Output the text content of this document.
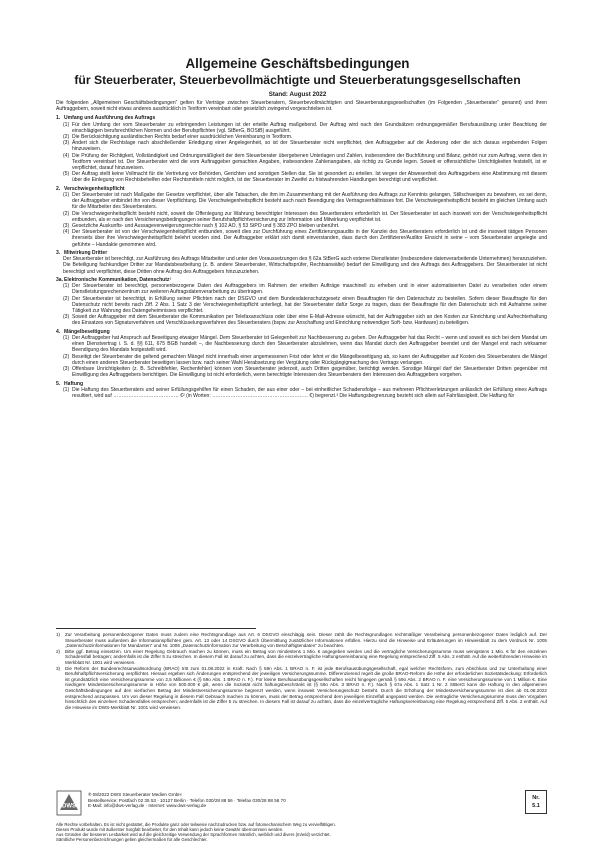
Allgemeine Geschäftsbedingungen
für Steuerberater, Steuerbevollmächtigte und Steuerberatungsgesellschaften
Stand: August 2022
Die folgenden „Allgemeinen Geschäftsbedingungen“ gelten für Verträge zwischen Steuerberatern, Steuerbevollmächtigten und Steuerberatungsgesellschaften (im Folgenden „Steuerberater“ genannt) und ihren Auftraggebern, soweit nicht etwas anderes ausdrücklich in Textform vereinbart oder gesetzlich zwingend vorgeschrieben ist.
1. Umfang und Ausführung des Auftrags
(1) Für den Umfang der vom Steuerberater zu erbringenden Leistungen ist der erteilte Auftrag maßgebend. Der Auftrag wird nach den Grundsätzen ordnungsgemäßer Berufsausübung unter Beachtung der einschlägigen berufsrechtlichen Normen und der Berufspflichten (vgl. StBerG, BOStB) ausgeführt.
(2) Die Berücksichtigung ausländischen Rechts bedarf einer ausdrücklichen Vereinbarung in Textform.
(3) Ändert sich die Rechtslage nach abschließender Erledigung einer Angelegenheit, so ist der Steuerberater nicht verpflichtet, den Auftraggeber auf die Änderung oder die sich daraus ergebenden Folgen hinzuweisen.
(4) Die Prüfung der Richtigkeit, Vollständigkeit und Ordnungsmäßigkeit der dem Steuerberater übergebenen Unterlagen und Zahlen, insbesondere der Buchführung und Bilanz, gehört nur zum Auftrag, wenn dies in Textform vereinbart ist. Der Steuerberater wird die vom Auftraggeber gemachten Angaben, insbesondere Zahlenangaben, als richtig zu Grunde legen. Soweit er offensichtliche Unrichtigkeiten feststellt, ist er verpflichtet, darauf hinzuweisen.
(5) Der Auftrag stellt keine Vollmacht für die Vertretung vor Behörden, Gerichten und sonstigen Stellen dar. Sie ist gesondert zu erteilen. Ist wegen der Abwesenheit des Auftraggebers eine Abstimmung mit diesem über die Einlegung von Rechtsbehelfen oder Rechtsmitteln nicht möglich, ist der Steuerberater im Zweifel zu fristwahrenden Handlungen berechtigt und verpflichtet.
2. Verschwiegenheitspflicht
(1) Der Steuerberater ist nach Maßgabe der Gesetze verpflichtet, über alle Tatsachen, die ihm im Zusammenhang mit der Ausführung des Auftrags zur Kenntnis gelangen, Stillschweigen zu bewahren, es sei denn, der Auftraggeber entbindet ihn von dieser Verpflichtung. Die Verschwiegenheitspflicht besteht auch nach Beendigung des Vertragsverhältnisses fort. Die Verschwiegenheitspflicht besteht im gleichen Umfang auch für die Mitarbeiter des Steuerberaters.
(2) Die Verschwiegenheitspflicht besteht nicht, soweit die Offenlegung zur Wahrung berechtigter Interessen des Steuerberaters erforderlich ist. Der Steuerberater ist auch insoweit von der Verschwiegenheitspflicht entbunden, als er nach den Versicherungsbedingungen seiner Berufshaftpflichtversicherung zur Information und Mitwirkung verpflichtet ist.
(3) Gesetzliche Auskunfts- und Aussageverweigerungsrechte nach § 102 AO, § 53 StPO und § 383 ZPO bleiben unberührt.
(4) Der Steuerberater ist von der Verschwiegenheitspflicht entbunden, soweit dies zur Durchführung eines Zertifizierungsaudits in der Kanzlei des Steuerberaters erforderlich ist und die insoweit tätigen Personen ihrerseits über ihre Verschwiegenheitspflicht belehrt worden sind. Der Auftraggeber erklärt sich damit einverstanden, dass durch den Zertifizierer/Auditor Einsicht in seine – vom Steuerberater angelegte und geführte – Handakte genommen wird.
3. Mitwirkung Dritter
Der Steuerberater ist berechtigt, zur Ausführung des Auftrags Mitarbeiter und unter den Voraussetzungen des § 62a StBerG auch externe Dienstleister (insbesondere datenverarbeitende Unternehmen) heranzuziehen. Die Beteiligung fachkundiger Dritter zur Mandatsbearbeitung (z. B. andere Steuerberater, Wirtschaftsprüfer, Rechtsanwälte) bedarf der Einwilligung und des Auftrags des Auftraggebers. Der Steuerberater ist nicht berechtigt und verpflichtet, diese Dritten ohne Auftrag des Auftraggebers hinzuzuziehen.
3a. Elektronische Kommunikation, Datenschutz¹
(1) Der Steuerberater ist berechtigt, personenbezogene Daten des Auftraggebers im Rahmen der erteilten Aufträge maschinell zu erheben und in einer automatisierten Datei zu verarbeiten oder einem Dienstleistungsrechenzentrum zur weiteren Auftragsdatenverarbeitung zu übertragen.
(2) Der Steuerberater ist berechtigt, in Erfüllung seiner Pflichten nach der DSGVO und dem Bundesdatenschutzgesetz einen Beauftragten für den Datenschutz zu bestellen. Sofern dieser Beauftragte für den Datenschutz nicht bereits nach Ziff. 2 Abs. 1 Satz 3 der Verschwiegenheitspflicht unterliegt, hat der Steuerberater dafür Sorge zu tragen, dass der Beauftragte für den Datenschutz sich mit Aufnahme seiner Tätigkeit zur Wahrung des Datengeheimnisses verpflichtet.
(3) Soweit der Auftraggeber mit dem Steuerberater die Kommunikation per Telefaxanschluss oder über eine E-Mail-Adresse wünscht, hat der Auftraggeber sich an den Kosten zur Einrichtung und Aufrechterhaltung des Einsatzes von Signaturverfahren und Verschlüsselungsverfahren des Steuerberaters (bspw. zur Anschaffung und Einrichtung notwendiger Soft- bzw. Hardware) zu beteiligen.
4. Mängelbeseitigung
(1) Der Auftraggeber hat Anspruch auf Beseitigung etwaiger Mängel. Dem Steuerberater ist Gelegenheit zur Nachbesserung zu geben. Der Auftraggeber hat das Recht – wenn und soweit es sich bei dem Mandat um einen Dienstvertrag i. S. d. §§ 611, 675 BGB handelt –, die Nachbesserung durch den Steuerberater abzulehnen, wenn das Mandat durch den Auftraggeber beendet und der Mangel erst nach wirksamer Beendigung des Mandats festgestellt wird.
(2) Beseitigt der Steuerberater die geltend gemachten Mängel nicht innerhalb einer angemessenen Frist oder lehnt er die Mängelbeseitigung ab, so kann der Auftraggeber auf Kosten des Steuerberaters die Mängel durch einen anderen Steuerberater beseitigen lassen bzw. nach seiner Wahl Herabsetzung der Vergütung oder Rückgängigmachung des Vertrags verlangen.
(3) Offenbare Unrichtigkeiten (z. B. Schreibfehler, Rechenfehler) können vom Steuerberater jederzeit, auch Dritten gegenüber, berichtigt werden. Sonstige Mängel darf der Steuerberater Dritten gegenüber mit Einwilligung des Auftraggebers berichtigen. Die Einwilligung ist nicht erforderlich, wenn berechtigte Interessen des Steuerberaters den Interessen des Auftraggebers vorgehen.
5. Haftung
(1) Die Haftung des Steuerberaters und seiner Erfüllungsgehilfen für einen Schaden, der aus einer oder – bei einheitlicher Schadensfolge – aus mehreren Pflichtverletzungen anlässlich der Erfüllung eines Auftrags resultiert, wird auf ………………………………… €² (in Worten: ………………………………………………… €) begrenzt.³ Die Haftungsbegrenzung bezieht sich allein auf Fahrlässigkeit. Die Haftung für
1)	Zur Verarbeitung personenbezogener Daten muss zudem eine Rechtsgrundlage aus Art. 6 DSGVO einschlägig sein. Dieser zählt die Rechtsgrundlagen rechtmäßiger Verarbeitung personenbezogener Daten lediglich auf. Der Steuerberater muss außerdem die Informationspflichten gem. Art. 13 oder 14 DSGVO durch Übermittlung zusätzlicher Informationen erfüllen. Hierzu sind die Hinweise und Erläuterungen im Hinweisblatt zu dem Vordruck Nr. 1005 „Datenschutzinformationen für Mandanten“ und Nr. 1006 „Datenschutzinformation zur Verarbeitung von Beschäftigtendaten“ zu beachten.
2)	Bitte ggf. Betrag einsetzen. Um einer Regelung Gebrauch machen zu können, muss ein Betrag von mindestens 1 Mio. € angegeben werden und die vertragliche Versicherungssumme muss wenigstens 1 Mio. € für den einzelnen Schadensfall betragen; andernfalls ist die Ziffer 5 zu streichen. In diesem Fall ist darauf zu achten, dass die einzelvertragliche Haftungsvereinbarung eine Regelung entsprechend Ziff. 5 Abs. 2 enthält. Auf die weiterführenden Hinweise im Merkblatt Nr. 1001 wird verwiesen.
3)	Die Reform der Bundesrechtsanwaltsordnung (BRAO) tritt zum 01.08.2022 in Kraft. Nach § 59n Abs. 1 BRAO n. F. ist jede Berufsausübungsgesellschaft, egal welcher Rechtsform, zum Abschluss und zur Unterhaltung einer Berufshaftpflichtversicherung verpflichtet. Hieraus ergeben sich Änderungen entsprechend der jeweiligen Versicherungssumme. Differenzierend regelt die große BRAO-Reform die Höhe der erforderlichen Sozietätsdeckung: Erforderlich ist grundsätzlich eine Versicherungssumme von 2,5 Millionen € (§ 59o Abs. 1 BRAO n. F.). Für kleine Berufsausübungsgesellschaften reicht hingegen gemäß § 59o Abs. 2 BRAO n. F. eine Versicherungssumme von 1 Million €. Eine niedrigere Mindestversicherungssumme in Höhe von 500.000 € gilt, wenn die Sozietät nicht haftungsbeschränkt ist (§ 59o Abs. 3 BRAO n. F.). Nach § 67a Abs. 1 Satz 1 Nr. 2 StBerG kann die Haftung in den allgemeinen Geschäftsbedingungen auf den vierfachen Betrag der Mindestversicherungssumme begrenzt werden, wenn insoweit Versicherungsschutz besteht. Durch die Erhöhung der Mindestversicherungssumme ist dies ab 01.08.2022 entsprechend anzupassen. Um von dieser Regelung in diesem Fall Gebrauch machen zu können, muss der Betrag entsprechend dem jeweiligen Einzelfall angepasst werden. Die vertragliche Versicherungssumme muss den Vorgaben hinsichtlich des einzelnen Schadensfalles entsprechen; andernfalls ist die Ziffer 5 zu streichen. In diesem Fall ist darauf zu achten, dass die einzelvertragliche Haftungsvereinbarung eine Regelung entsprechend Ziff. 5 Abs. 2 enthält. Auf die Hinweise im DWS-Merkblatt Nr. 1001 wird verwiesen.
DWS
® 08/2022 DWS Steuerberater Medien GmbH
Bestellservice: Postfach 02 35 53 · 10127 Berlin · Telefon 030/28 88 56 · Telefax 030/28 88 56 70
E-Mail: info@dws-verlag.de · Internet: www.dws-verlag.de
Nr.
5.1
Alle Rechte vorbehalten. Es ist nicht gestattet, die Produkte ganz oder teilweise nachzudrucken bzw. auf fotomechanischem Weg zu vervielfältigen.
Dieses Produkt wurde mit äußerster Sorgfalt bearbeitet, für den Inhalt kann jedoch keine Gewähr übernommen werden.
Aus Gründen der besseren Lesbarkeit wird auf die gleichzeitige Verwendung der Sprachformen männlich, weiblich und divers (m/w/d) verzichtet.
Sämtliche Personenbezeichnungen gelten gleichermaßen für alle Geschlechter.
